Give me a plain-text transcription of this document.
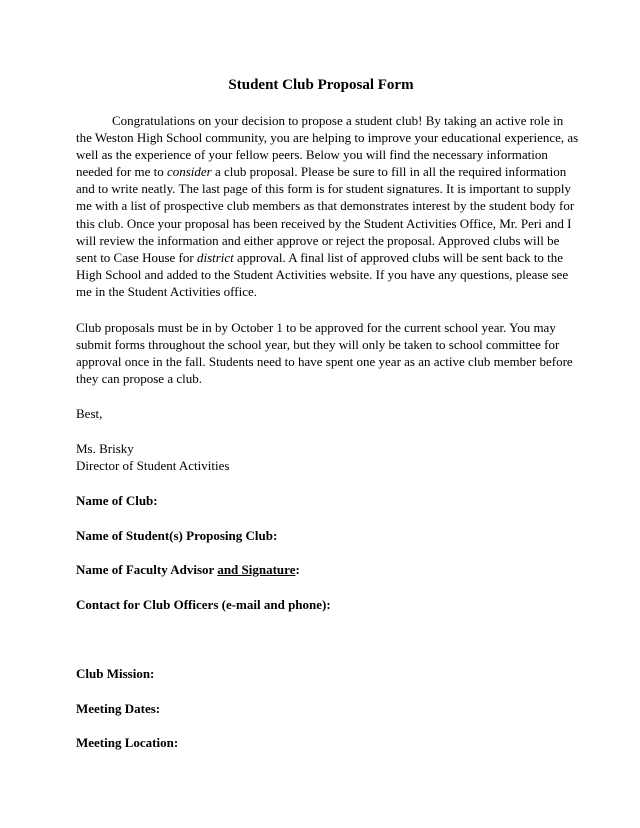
Student Club Proposal Form
Congratulations on your decision to propose a student club! By taking an active role in
the Weston High School community, you are helping to improve your educational experience, as
well as the experience of your fellow peers. Below you will find the necessary information
needed for me to consider a club proposal. Please be sure to fill in all the required information
and to write neatly. The last page of this form is for student signatures. It is important to supply
me with a list of prospective club members as that demonstrates interest by the student body for
this club. Once your proposal has been received by the Student Activities Office, Mr. Peri and I
will review the information and either approve or reject the proposal. Approved clubs will be
sent to Case House for district approval. A final list of approved clubs will be sent back to the
High School and added to the Student Activities website. If you have any questions, please see
me in the Student Activities office.
Club proposals must be in by October 1 to be approved for the current school year. You may
submit forms throughout the school year, but they will only be taken to school committee for
approval once in the fall. Students need to have spent one year as an active club member before
they can propose a club.

Best,

Ms. Brisky

Director of Student Activities

Name of Club:

Name of Student(s) Proposing Club:

Name of Faculty Advisor and Signature:

Contact for Club Officers (e-mail and phone):

Club Mission:

Meeting Dates:

Meeting Location:
